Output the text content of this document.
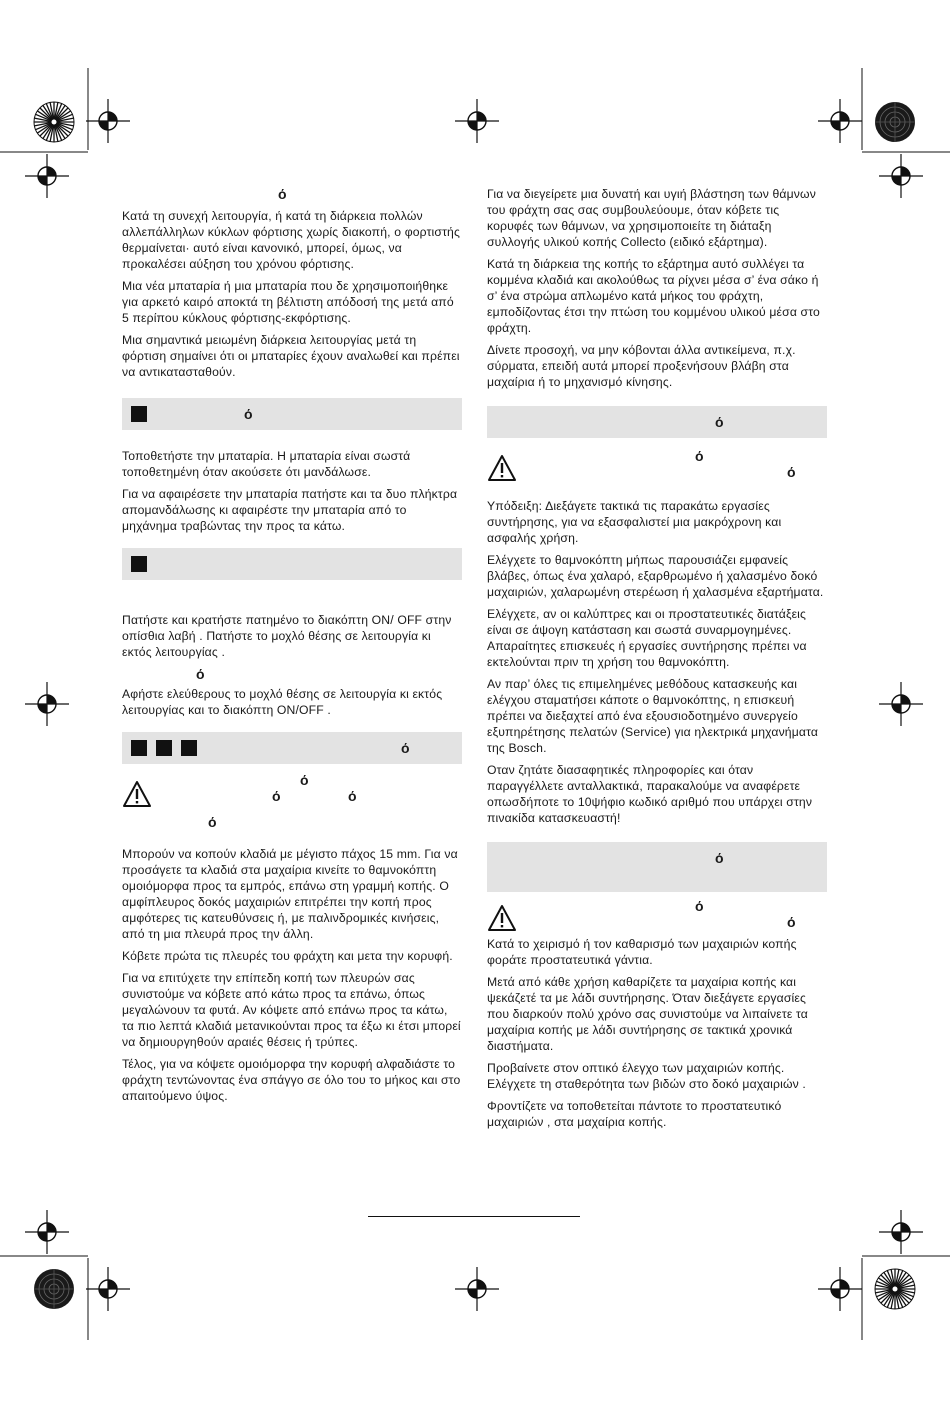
ό

Κατά τη συνεχή λειτουργία, ή κατά τη διάρκεια πολλών αλλεπάλληλων κύκλων φόρτισης χωρίς διακοπή, ο φορτιστής θερμαίνεται· αυτό είναι κανονικό, μπορεί, όμως, να προκαλέσει αύξηση του χρόνου φόρτισης.

Μια νέα μπαταρία ή μια μπαταρία που δε χρησιμοποιήθηκε για αρκετό καιρό αποκτά τη βέλτιστη απόδοσή της μετά από 5 περίπου κύκλους φόρτισης-εκφόρτισης.

Μια σημαντικά μειωμένη διάρκεια λειτουργίας μετά τη φόρτιση σημαίνει ότι οι μπαταρίες έχουν αναλωθεί και πρέπει να αντικατασταθούν.

ό

Τοποθετήστε την μπαταρία. Η μπαταρία είναι σωστά τοποθετημένη όταν ακούσετε ότι μανδάλωσε.

Για να αφαιρέσετε την μπαταρία πατήστε και τα δυο πλήκτρα απομανδάλωσης κι αφαιρέστε την μπαταρία από το μηχάνημα τραβώντας την προς τα κάτω.

Πατήστε και κρατήστε πατημένο το διακόπτη ON/ OFF στην οπίσθια λαβή . Πατήστε το μοχλό θέσης σε λειτουργία κι εκτός λειτουργίας .

ό

Αφήστε ελεύθερους το μοχλό θέσης σε λειτουργία κι εκτός λειτουργίας και το διακόπτη ON/OFF .

ό
ό
ό	ό
ό

Μπορούν να κοπούν κλαδιά με μέγιστο πάχος 15 mm. Για να προσάγετε τα κλαδιά στα μαχαίρια κινείτε το θαμνοκόπτη ομοιόμορφα προς τα εμπρός, επάνω στη γραμμή κοπής. Ο αμφίπλευρος δοκός μαχαιριών επιτρέπει την κοπή προς αμφότερες τις κατευθύνσεις ή, με παλινδρομικές κινήσεις, από τη μια πλευρά προς την άλλη.

Κόβετε πρώτα τις πλευρές του φράχτη και μετα την κορυφή.

Για να επιτύχετε την επίπεδη κοπή των πλευρών σας συνιστούμε να κόβετε από κάτω προς τα επάνω, όπως μεγαλώνουν τα φυτά. Αν κόψετε από επάνω προς τα κάτω, τα πιο λεπτά κλαδιά μετανικούνται προς τα έξω κι έτσι μπορεί να δημιουργηθούν αραιές θέσεις ή τρύπες.

Τέλος, για να κόψετε ομοιόμορφα την κορυφή αλφαδιάστε το φράχτη τεντώνοντας ένα σπάγγο σε όλο του το μήκος και στο απαιτούμενο ύψος.

Για να διεγείρετε μια δυνατή και υγιή βλάστηση των θάμνων του φράχτη σας σας συμβουλεύουμε, όταν κόβετε τις κορυφές των θάμνων, να χρησιμοποιείτε τη διάταξη συλλογής υλικού κοπής Collecto (ειδικό εξάρτημα).

Κατά τη διάρκεια της κοπής το εξάρτημα αυτό συλλέγει τα κομμένα κλαδιά και ακολούθως τα ρίχνει μέσα σ’ ένα σάκο ή σ’ ένα στρώμα απλωμένο κατά μήκος του φράχτη, εμποδίζοντας έτσι την πτώση του κομμένου υλικού μέσα στο φράχτη.

Δίνετε προσοχή, να μην κόβονται άλλα αντικείμενα, π.χ. σύρματα, επειδή αυτά μπορεί προξενήσουν βλάβη στα μαχαίρια ή το μηχανισμό κίνησης.

ό
ό
ό

Υπόδειξη: Διεξάγετε τακτικά τις παρακάτω εργασίες συντήρησης, για να εξασφαλιστεί μια μακρόχρονη και ασφαλής χρήση.

Ελέγχετε το θαμνοκόπτη μήπως παρουσιάζει εμφανείς βλάβες, όπως ένα χαλαρό, εξαρθρωμένο ή χαλασμένο δοκό μαχαιριών, χαλαρωμένη στερέωση ή χαλασμένα εξαρτήματα.

Ελέγχετε, αν οι καλύπτρες και οι προστατευτικές διατάξεις είναι σε άψογη κατάσταση και σωστά συναρμογημένες. Απαραίτητες επισκευές ή εργασίες συντήρησης πρέπει να εκτελούνται πριν τη χρήση του θαμνοκόπτη.

Αν παρ’ όλες τις επιμελημένες μεθόδους κατασκευής και ελέγχου σταματήσει κάποτε ο θαμνοκόπτης, η επισκευή πρέπει να διεξαχτεί από ένα εξουσιοδοτημένο συνεργείο εξυπηρέτησης πελατών (Service) για ηλεκτρικά μηχανήματα της Bosch.

Οταν ζητάτε διασαφητικές πληροφορίες και όταν παραγγέλλετε ανταλλακτικά, παρακαλούμε να αναφέρετε οπωσδήποτε το 10ψήφιο κωδικό αριθμό που υπάρχει στην πινακίδα κατασκευαστή!

ό
ό
ό

Κατά το χειρισμό ή τον καθαρισμό των μαχαιριών κοπής φοράτε προστατευτικά γάντια.

Μετά από κάθε χρήση καθαρίζετε τα μαχαίρια κοπής και ψεκάζετέ τα με λάδι συντήρησης. Όταν διεξάγετε εργασίες που διαρκούν πολύ χρόνο σας συνιστούμε να λιπαίνετε τα μαχαίρια κοπής με λάδι συντήρησης σε τακτικά χρονικά διαστήματα.

Προβαίνετε στον οπτικό έλεγχο των μαχαιριών κοπής. Ελέγχετε τη σταθερότητα των βιδών στο δοκό μαχαιριών .

Φροντίζετε να τοποθετείται πάντοτε το προστατευτικό μαχαιριών , στα μαχαίρια κοπής.
